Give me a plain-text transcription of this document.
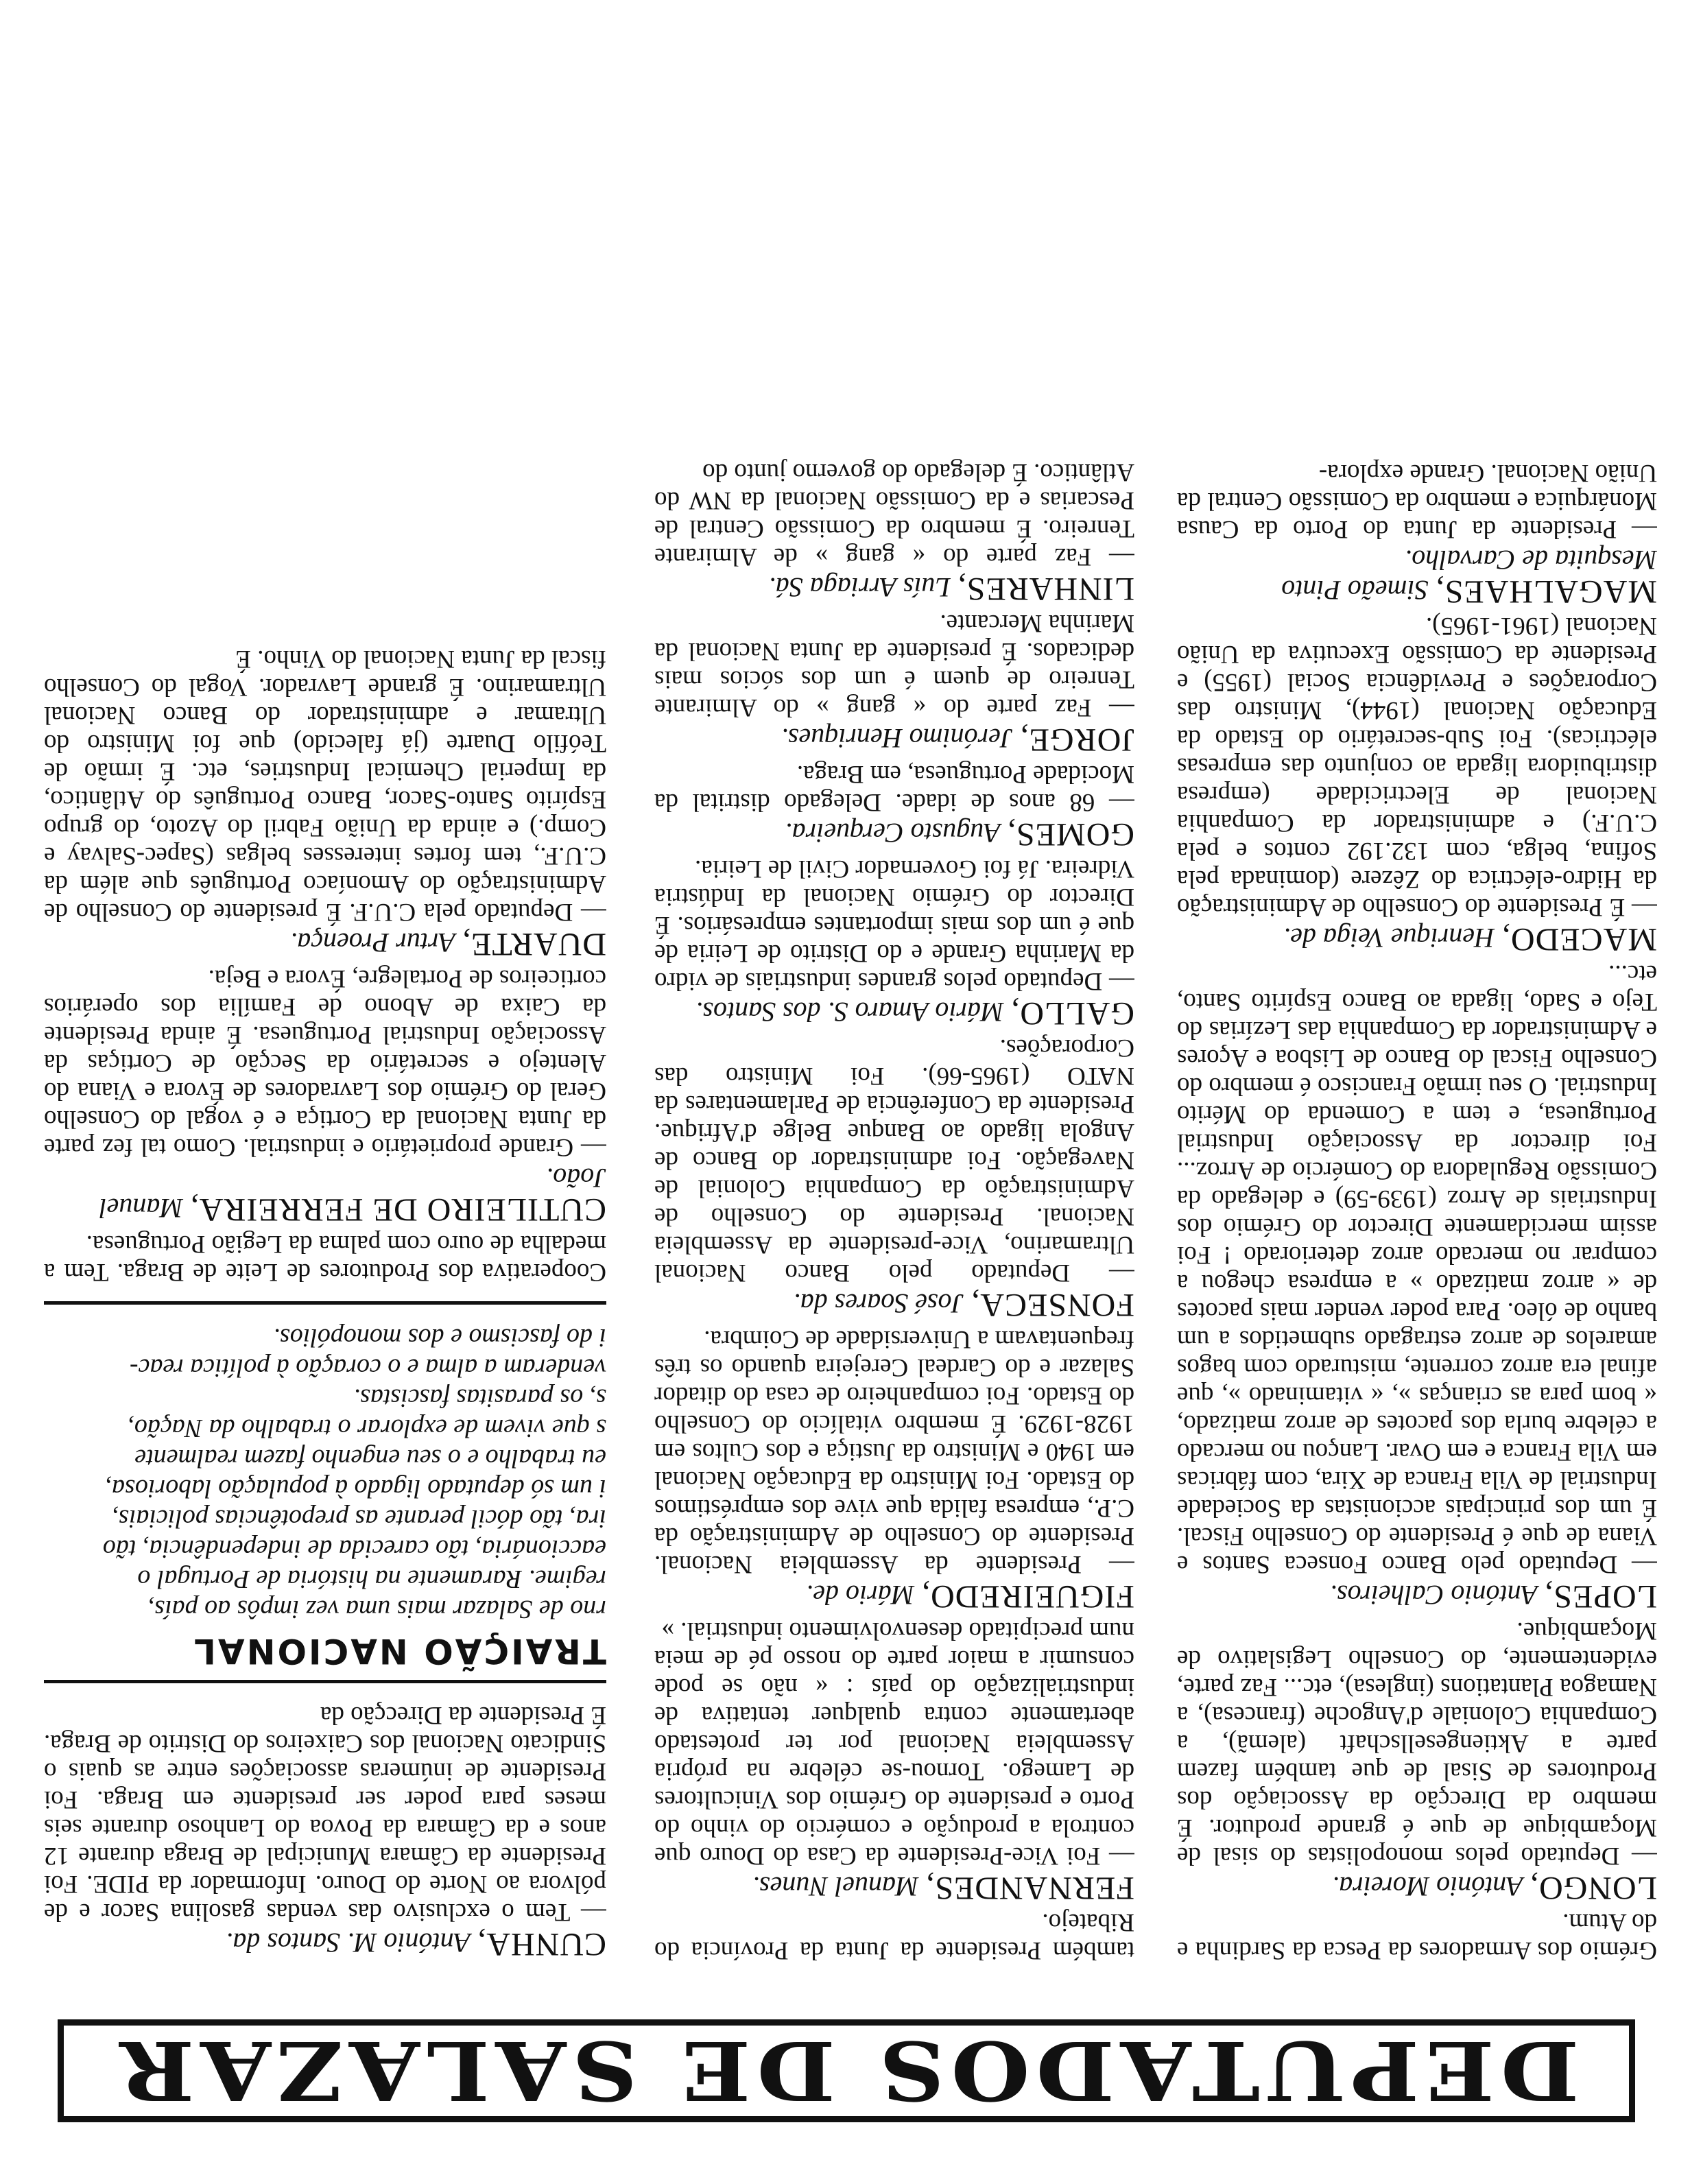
DEPUTADOS DE SALAZAR

Grémio dos Armadores da Pesca da Sardinha e do Atum.

LONGO, António Moreira.

— Deputado pelos monopolistas do sisal de Moçambique de que é grande produtor. É membro da Direcção da Associação dos Produtores de Sisal de que também fazem parte a Aktiengesellschaft (alemã), a Companhia Coloniale d'Angoche (francesa), a Namagoa Plantations (inglesa), etc... Faz parte, evidentemente, do Conselho Legislativo de Moçambique.

LOPES, António Calheiros.

— Deputado pelo Banco Fonseca Santos e Viana de que é Presidente do Conselho Fiscal. É um dos principais accionistas da Sociedade Industrial de Vila Franca de Xira, com fábricas em Vila Franca e em Ovar. Lançou no mercado a célebre burla dos pacotes de arroz matizado, « bom para as crianças », « vitaminado », que afinal era arroz corrente, misturado com bagos amarelos de arroz estragado submetidos a um banho de óleo. Para poder vender mais pacotes de « arroz matizado » a empresa chegou a comprar no mercado arroz deteriorado ! Foi assim mercidamente Director do Grémio dos Industriais de Arroz (1939-59) e delegado da Comissão Reguladora do Comércio de Arroz... Foi director da Associação Industrial Portuguesa, e tem a Comenda do Mérito Industrial. O seu irmão Francisco é membro do Conselho Fiscal do Banco de Lisboa e Açores e Administrador da Companhia das Lezírias do Tejo e Sado, ligada ao Banco Espírito Santo, etc...

MACEDO, Henrique Veiga de.

— É Presidente do Conselho de Administração da Hidro-eléctrica do Zêzere (dominada pela Sofina, belga, com 132.192 contos e pela C.U.F.) e administrador da Companhia Nacional de Electricidade (empresa distribuidora ligada ao conjunto das empresas eléctricas). Foi Sub-secretário do Estado da Educação Nacional (1944), Ministro das Corporações e Previdência Social (1955) e Presidente da Comissão Executiva da União Nacional (1961-1965).

MAGALHAES, Simeão Pinto Mesquita de Carvalho.

— Presidente da Junta do Porto da Causa Monárquica e membro da Comissão Central da União Nacional. Grande explora-

também Presidente da Junta da Província do Ribatejo.

FERNANDES, Manuel Nunes.

— Foi Vice-Presidente da Casa do Douro que controla a produção e comércio do vinho do Porto e presidente do Grémio dos Vinicultores de Lamego. Tornou-se célebre na própria Assembleia Nacional por ter protestado abertamente contra qualquer tentativa de industrialização do país : « não se pode consumir a maior parte do nosso pé de meia num precipitado desenvolvimento industrial. »

FIGUEIREDO, Mário de.

— Presidente da Assembleia Nacional. Presidente do Conselho de Administração da C.P., empresa falida que vive dos empréstimos do Estado. Foi Ministro da Educação Nacional em 1940 e Ministro da Justiça e dos Cultos em 1928-1929. É membro vitalício do Conselho do Estado. Foi companheiro de casa do ditador Salazar e do Cardeal Cerejeira quando os três frequentavam a Universidade de Coimbra.

FONSECA, José Soares da.

— Deputado pelo Banco Nacional Ultramarino, Vice-presidente da Assembleia Nacional. Presidente do Conselho de Administração da Companhia Colonial de Navegação. Foi administrador do Banco de Angola ligado ao Banque Belge d'Afrique. Presidente da Conferência de Parlamentares da NATO (1965-66). Foi Ministro das Corporações.

GALLO, Mário Amaro S. dos Santos.

— Deputado pelos grandes industriais de vidro da Marinha Grande e do Distrito de Leiria de que é um dos mais importantes empresários. É Director do Grémio Nacional da Indústria Vidreira. Já foi Governador Civil de Leiria.

GOMES, Augusto Cerqueira.

— 68 anos de idade. Delegado distrital da Mocidade Portuguesa, em Braga.

JORGE, Jerónimo Henriques.

— Faz parte do « gang » do Almirante Tenreiro de quem é um dos sócios mais dedicados. É presidente da Junta Nacional da Marinha Mercante.

LINHARES, Luís Arriaga Sá.

— Faz parte do « gang » de Almirante Tenreiro. É membro da Comissão Central de Pescarias e da Comissão Nacional da NW do Atlântico. É delegado do governo junto do

CUNHA, António M. Santos da.

— Tem o exclusivo das vendas gasolina Sacor e de pólvora ao Norte do Douro. Informador da PIDE. Foi Presidente da Câmara Municipal de Braga durante 12 anos e da Câmara da Povoa do Lanhoso durante seis meses para poder ser presidente em Braga. Foi Presidente de inúmeras associações entre as quais o Sindicato Nacional dos Caixeiros do Distrito de Braga. É Presidente da Direcção da

TRAIÇÃO NACIONAL

rno de Salazar mais uma vez impôs ao país,

regime. Raramente na história de Portugal o

eaccionária, tão carecida de independência, tão

ira, tão dócil perante as prepotências policiais,

i um só deputado ligado à população laboriosa,

eu trabalho e o seu engenho fazem realmente

s que vivem de explorar o trabalho da Nação,

s, os parasitas fascistas.

venderam a alma e o coração à política reac-

i do fascismo e dos monopólios.

Cooperativa dos Produtores de Leite de Braga. Tem a medalha de ouro com palma da Legião Portuguesa.

CUTILEIRO DE FERREIRA, Manuel João.

— Grande proprietário e industrial. Como tal fez parte da Junta Nacional da Cortiça e é vogal do Conselho Geral do Grémio dos Lavradores de Évora e Viana do Alentejo e secretário da Secção de Cortiças da Associação Industrial Portuguesa. É ainda Presidente da Caixa de Abono de Família dos operários corticeiros de Portalegre, Évora e Beja.

DUARTE, Artur Proença.

— Deputado pela C.U.F. É presidente do Conselho de Administração do Amoníaco Português que além da C.U.F., tem fortes interesses belgas (Sapec-Salvay e Comp.) e ainda da União Fabril do Azoto, do grupo Espírito Santo-Sacor, Banco Português do Atlântico, da Imperial Chemical Industries, etc. É irmão de Teófilo Duarte (já falecido) que foi Ministro do Ultramar e administrador do Banco Nacional Ultramarino. É grande Lavrador. Vogal do Conselho fiscal da Junta Nacional do Vinho. É
